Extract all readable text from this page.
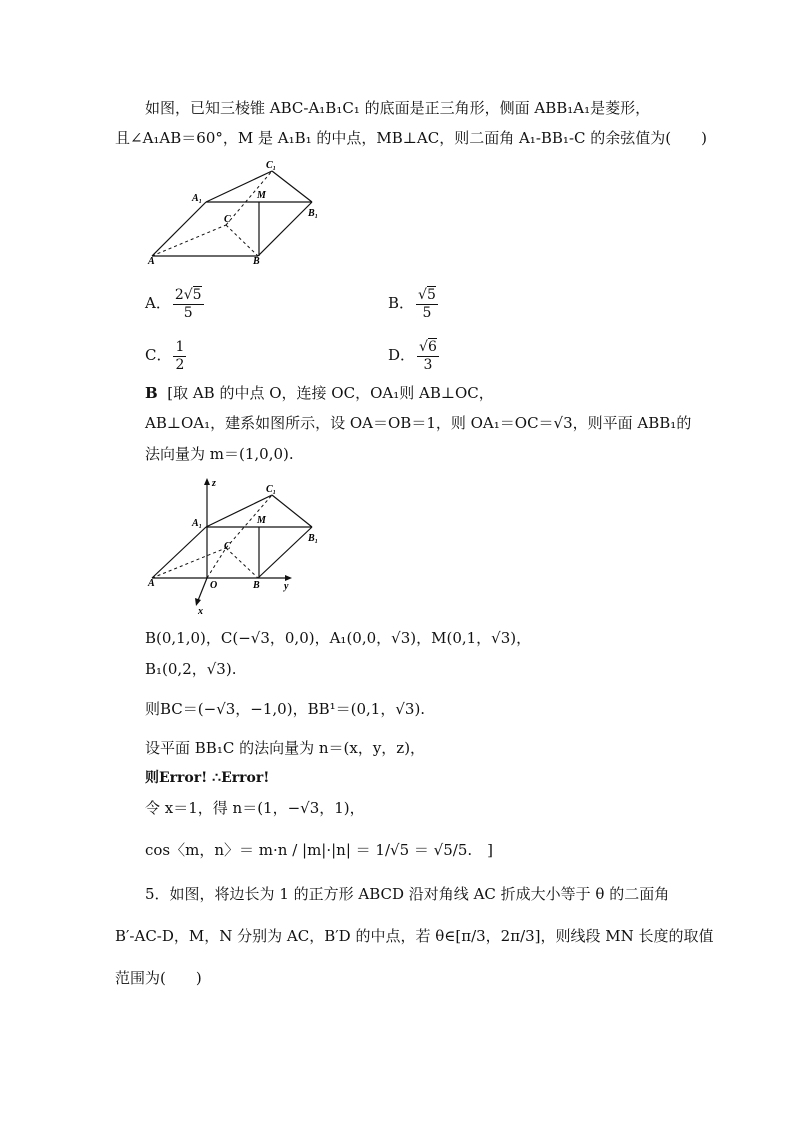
如图，已知三棱锥 ABC-A₁B₁C₁ 的底面是正三角形，侧面 ABB₁A₁是菱形，
且∠A₁AB＝60°，M 是 A₁B₁ 的中点，MB⊥AC，则二面角 A₁-BB₁-C 的余弦值为(　　)
C₁
A₁	M
B₁
C
A	B
A． $\frac{2√5}{5}$	B． $\frac{√5}{5}$
C． $\frac{1}{2}$	D． $\frac{√6}{3}$
B [取 AB 的中点 O，连接 OC，OA₁则 AB⊥OC，
AB⊥OA₁，建系如图所示，设 OA＝OB＝1，则 OA₁＝OC＝√3，则平面 ABB₁的
法向量为 m＝(1,0,0).
z
C₁
A₁	M
B₁
C
A	O	B y
x
B(0,1,0)，C(−√3，0,0)，A₁(0,0，√3)，M(0,1，√3)，
B₁(0,2，√3).
则BC＝(−√3，−1,0)，BB¹＝(0,1，√3).
设平面 BB₁C 的法向量为 n＝(x，y，z)，
则Error! ∴Error!
令 x＝1，得 n＝(1，−√3，1)，
cos〈m，n〉＝ m·n / |m|·|n| ＝ 1/√5 ＝ √5/5.　]
5．如图，将边长为 1 的正方形 ABCD 沿对角线 AC 折成大小等于 θ 的二面角
B′-AC-D，M，N 分别为 AC，B′D 的中点，若 θ∈[π/3，2π/3]，则线段 MN 长度的取值
范围为(　　)
